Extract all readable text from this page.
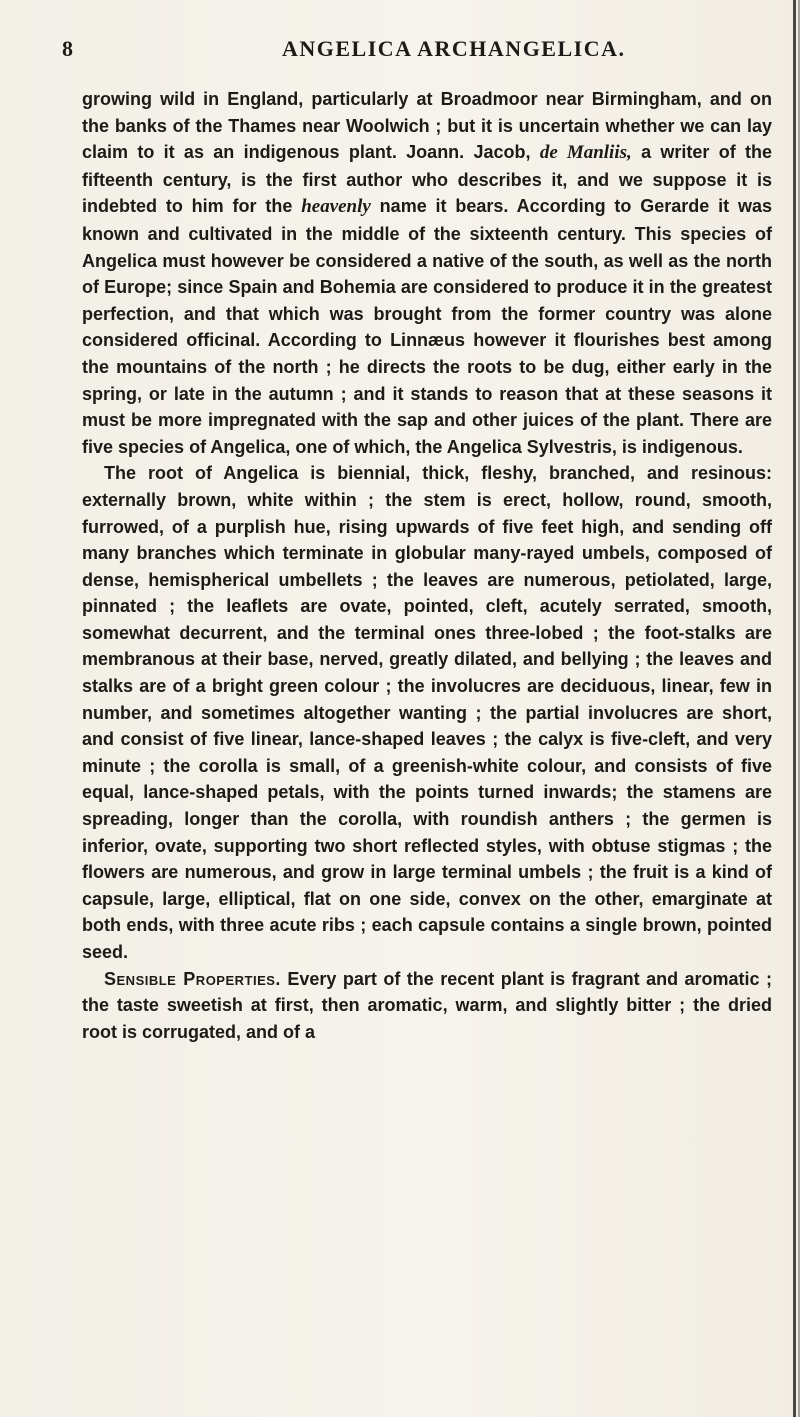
8	ANGELICA ARCHANGELICA.

growing wild in England, particularly at Broadmoor near Birmingham, and on the banks of the Thames near Woolwich ; but it is uncertain whether we can lay claim to it as an indigenous plant. Joann. Jacob, de Manliis, a writer of the fifteenth century, is the first author who describes it, and we suppose it is indebted to him for the heavenly name it bears. According to Gerarde it was known and cultivated in the middle of the sixteenth century. This species of Angelica must however be considered a native of the south, as well as the north of Europe; since Spain and Bohemia are considered to produce it in the greatest perfection, and that which was brought from the former country was alone considered officinal. According to Linnæus however it flourishes best among the mountains of the north ; he directs the roots to be dug, either early in the spring, or late in the autumn ; and it stands to reason that at these seasons it must be more impregnated with the sap and other juices of the plant. There are five species of Angelica, one of which, the Angelica Sylvestris, is indigenous.

The root of Angelica is biennial, thick, fleshy, branched, and resinous: externally brown, white within ; the stem is erect, hollow, round, smooth, furrowed, of a purplish hue, rising upwards of five feet high, and sending off many branches which terminate in globular many-rayed umbels, composed of dense, hemispherical umbellets ; the leaves are numerous, petiolated, large, pinnated ; the leaflets are ovate, pointed, cleft, acutely serrated, smooth, somewhat decurrent, and the terminal ones three-lobed ; the foot-stalks are membranous at their base, nerved, greatly dilated, and bellying ; the leaves and stalks are of a bright green colour ; the involucres are deciduous, linear, few in number, and sometimes altogether wanting ; the partial involucres are short, and consist of five linear, lance-shaped leaves ; the calyx is five-cleft, and very minute ; the corolla is small, of a greenish-white colour, and consists of five equal, lance-shaped petals, with the points turned inwards; the stamens are spreading, longer than the corolla, with roundish anthers ; the germen is inferior, ovate, supporting two short reflected styles, with obtuse stigmas ; the flowers are numerous, and grow in large terminal umbels ; the fruit is a kind of capsule, large, elliptical, flat on one side, convex on the other, emarginate at both ends, with three acute ribs ; each capsule contains a single brown, pointed seed.

Sensible Properties. Every part of the recent plant is fragrant and aromatic ; the taste sweetish at first, then aromatic, warm, and slightly bitter ; the dried root is corrugated, and of a
